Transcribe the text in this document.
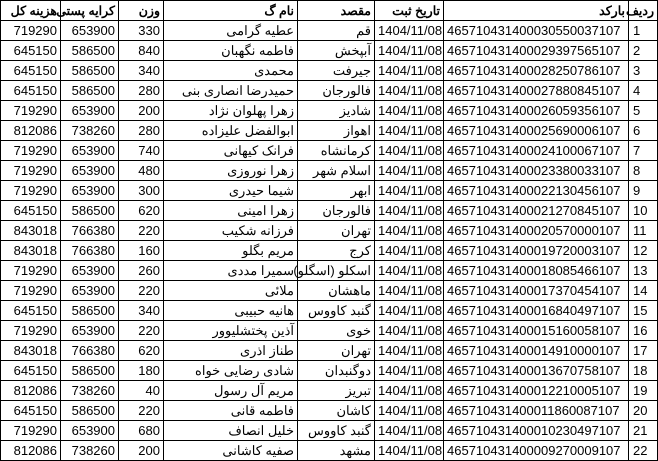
ردیف	بارکد	تاریخ ثبت	مقصد	نام گ	وزن	کرایه پستی	هزینه کل
1	465710431400030550037107	1404/11/08	قم	عطیه گرامی	330	653900	719290
2	465710431400029397565107	1404/11/08	آبپخش	فاطمه نگهبان	840	586500	645150
3	465710431400028250786107	1404/11/08	جیرفت	محمدی	340	586500	645150
4	465710431400027880845107	1404/11/08	فالورجان	حمیدرضا انصاری بنی	280	586500	645150
5	465710431400026059356107	1404/11/08	شادیز	زهرا پهلوان نژاد	200	653900	719290
6	465710431400025690006107	1404/11/08	اهواز	ابوالفضل علیزاده	280	738260	812086
7	465710431400024100067107	1404/11/08	کرمانشاه	فرانک کیهانی	740	653900	719290
8	465710431400023380033107	1404/11/08	اسلام شهر	زهرا نوروزی	480	653900	719290
9	465710431400022130456107	1404/11/08	ابهر	شیما حیدری	300	653900	719290
10	465710431400021270845107	1404/11/08	فالورجان	زهرا امینی	620	586500	645150
11	465710431400020570000107	1404/11/08	تهران	فرزانه شکیب	220	766380	843018
12	465710431400019720003107	1404/11/08	کرج	مریم بگلو	160	766380	843018
13	465710431400018085466107	1404/11/08	اسکلو (اسگلو)	سمیرا مددی	260	653900	719290
14	465710431400017370454107	1404/11/08	ماهشان	ملائی	220	653900	719290
15	465710431400016840497107	1404/11/08	گنبد کاووس	هانیه حبیبی	340	586500	645150
16	465710431400015160058107	1404/11/08	خوی	آذین پختشلیوور	220	653900	719290
17	465710431400014910000107	1404/11/08	تهران	طناز اذری	620	766380	843018
18	465710431400013670758107	1404/11/08	دوگنبدان	شادی رضایی خواه	180	586500	645150
19	465710431400012210005107	1404/11/08	تبریز	مریم آل رسول	40	738260	812086
20	465710431400011860087107	1404/11/08	کاشان	فاطمه قانی	220	586500	645150
21	465710431400010230497107	1404/11/08	گنبد کاووس	خلیل انصاف	680	653900	719290
22	465710431400009270009107	1404/11/08	مشهد	صفیه کاشانی	200	738260	812086
